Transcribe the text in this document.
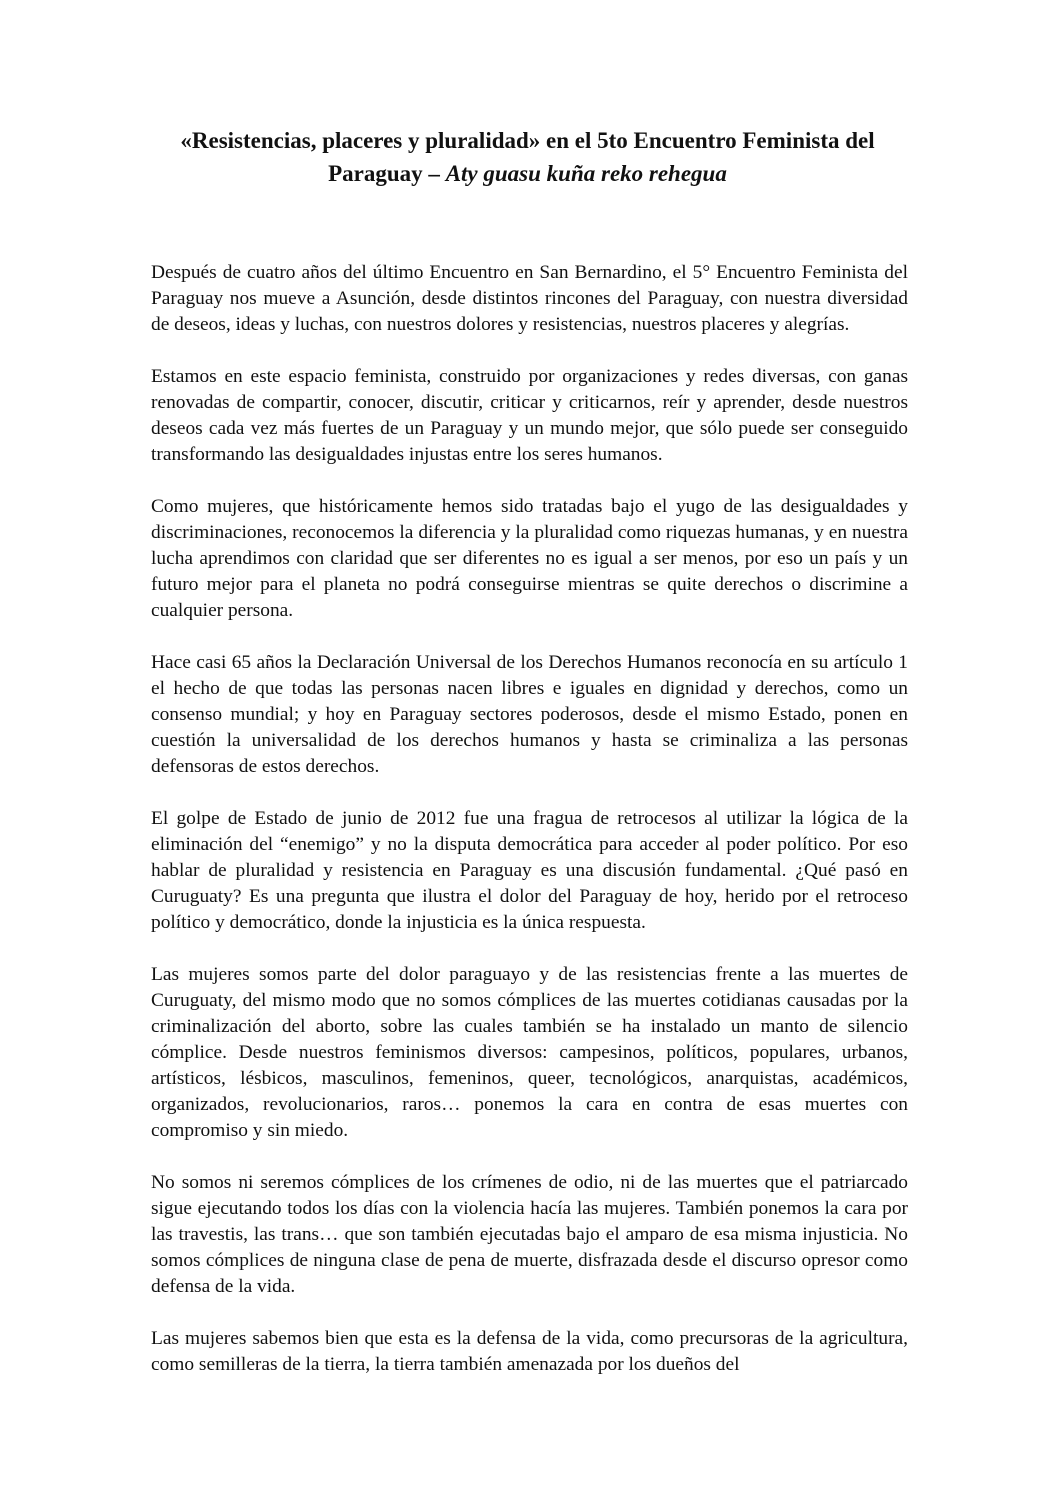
«Resistencias, placeres y pluralidad» en el 5to Encuentro Feminista del Paraguay – Aty guasu kuña reko rehegua

Después de cuatro años del último Encuentro en San Bernardino, el 5° Encuentro Feminista del Paraguay nos mueve a Asunción, desde distintos rincones del Paraguay, con nuestra diversidad de deseos, ideas y luchas, con nuestros dolores y resistencias, nuestros placeres y alegrías.

Estamos en este espacio feminista, construido por organizaciones y redes diversas, con ganas renovadas de compartir, conocer, discutir, criticar y criticarnos, reír y aprender, desde nuestros deseos cada vez más fuertes de un Paraguay y un mundo mejor, que sólo puede ser conseguido transformando las desigualdades injustas entre los seres humanos.

Como mujeres, que históricamente hemos sido tratadas bajo el yugo de las desigualdades y discriminaciones, reconocemos la diferencia y la pluralidad como riquezas humanas, y en nuestra lucha aprendimos con claridad que ser diferentes no es igual a ser menos, por eso un país y un futuro mejor para el planeta no podrá conseguirse mientras se quite derechos o discrimine a cualquier persona.

Hace casi 65 años la Declaración Universal de los Derechos Humanos reconocía en su artículo 1 el hecho de que todas las personas nacen libres e iguales en dignidad y derechos, como un consenso mundial; y hoy en Paraguay sectores poderosos, desde el mismo Estado, ponen en cuestión la universalidad de los derechos humanos y hasta se criminaliza a las personas defensoras de estos derechos.

El golpe de Estado de junio de 2012 fue una fragua de retrocesos al utilizar la lógica de la eliminación del “enemigo” y no la disputa democrática para acceder al poder político. Por eso hablar de pluralidad y resistencia en Paraguay es una discusión fundamental. ¿Qué pasó en Curuguaty? Es una pregunta que ilustra el dolor del Paraguay de hoy, herido por el retroceso político y democrático, donde la injusticia es la única respuesta.

Las mujeres somos parte del dolor paraguayo y de las resistencias frente a las muertes de Curuguaty, del mismo modo que no somos cómplices de las muertes cotidianas causadas por la criminalización del aborto, sobre las cuales también se ha instalado un manto de silencio cómplice. Desde nuestros feminismos diversos: campesinos, políticos, populares, urbanos, artísticos, lésbicos, masculinos, femeninos, queer, tecnológicos, anarquistas, académicos, organizados, revolucionarios, raros… ponemos la cara en contra de esas muertes con compromiso y sin miedo.

No somos ni seremos cómplices de los crímenes de odio, ni de las muertes que el patriarcado sigue ejecutando todos los días con la violencia hacía las mujeres. También ponemos la cara por las travestis, las trans… que son también ejecutadas bajo el amparo de esa misma injusticia. No somos cómplices de ninguna clase de pena de muerte, disfrazada desde el discurso opresor como defensa de la vida.

Las mujeres sabemos bien que esta es la defensa de la vida, como precursoras de la agricultura, como semilleras de la tierra, la tierra también amenazada por los dueños del
